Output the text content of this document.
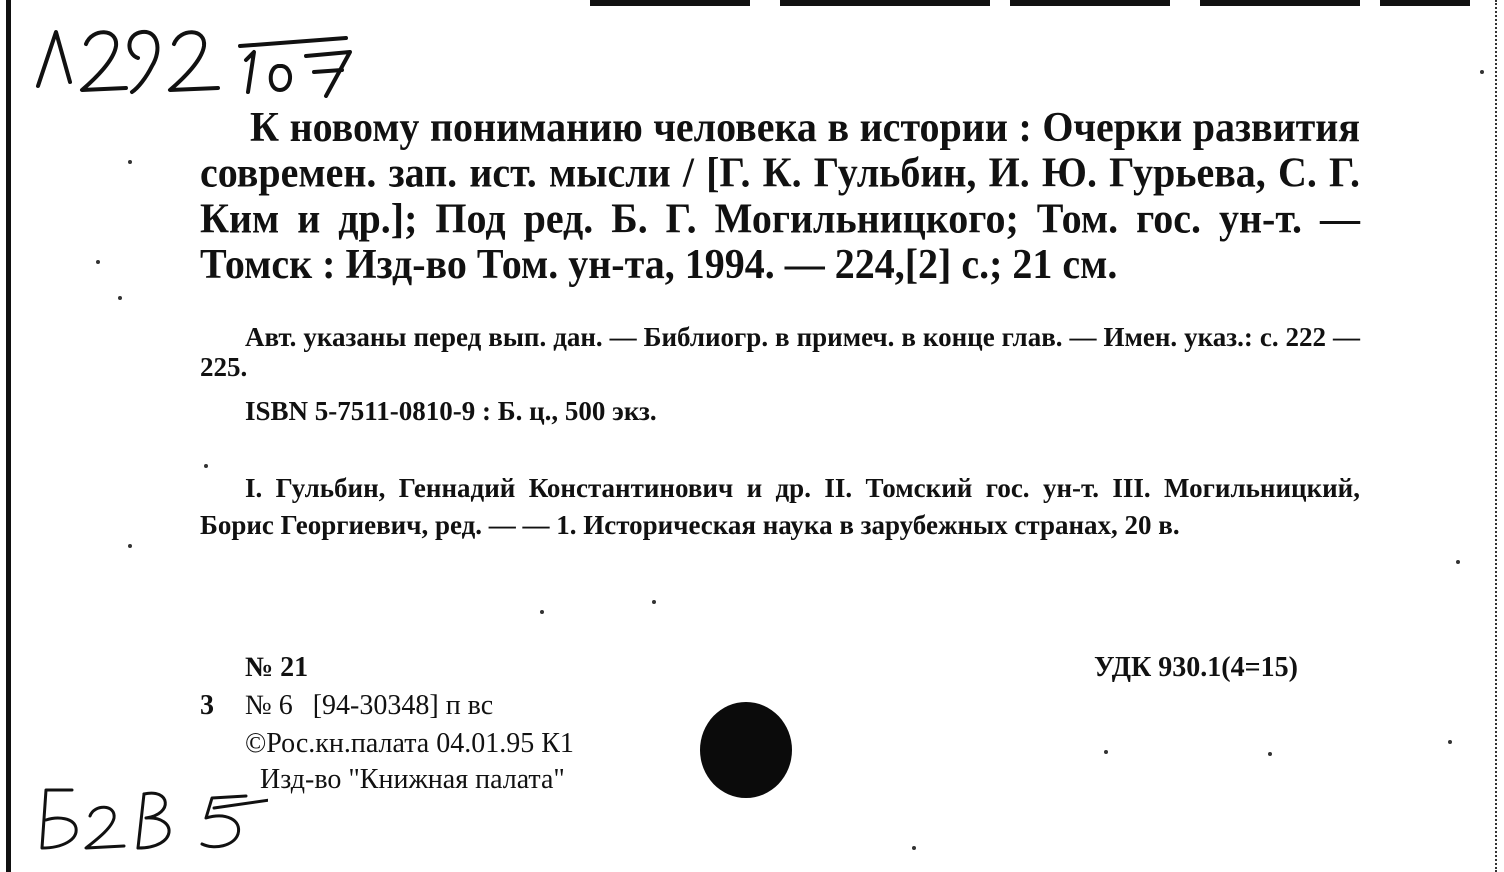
К новому пониманию человека в истории : Очерки развития современ. зап. ист. мысли / [Г. К. Гульбин, И. Ю. Гурьева, С. Г. Ким и др.]; Под ред. Б. Г. Могильницкого; Том. гос. ун-т. — Томск : Изд-во Том. ун-та, 1994. — 224,[2] с.; 21 см.
Авт. указаны перед вып. дан. — Библиогр. в примеч. в конце глав. — Имен. указ.: с. 222 — 225.
ISBN 5-7511-0810-9 : Б. ц., 500 экз.
I. Гульбин, Геннадий Константинович и др. II. Томский гос. ун-т. III. Могильницкий, Борис Георгиевич, ред. — — 1. Историческая наука в зарубежных странах, 20 в.
№ 21	УДК 930.1(4=15)
3 № 6 [94-30348] п вс
©Рос.кн.палата 04.01.95 К1
Изд-во "Книжная палата"
